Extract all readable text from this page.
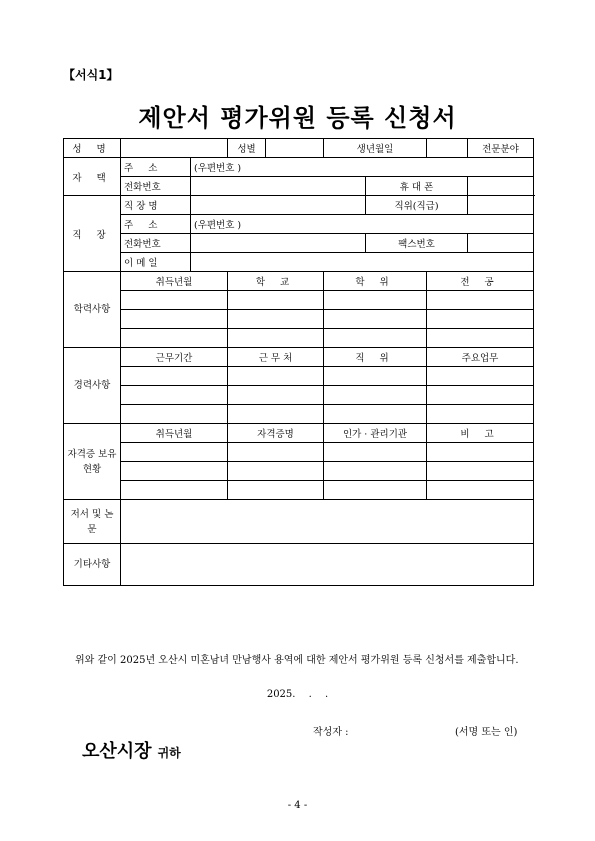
【서식1】
제안서 평가위원 등록 신청서
성 명			성별		생년월일			전문분야
자 택	주 소	(우편번호 )						
	전화번호					휴 대 폰		
직 장	직 장 명					직위(직급)		
	주 소	(우편번호 )						
	전화번호					팩스번호		
	이 메 일							
학력사항	취득년월		학 교		학 위		전 공	

경력사항	근무기간		근 무 처		직 위		주요업무	

자격증 보유현황	취득년월		자격증명		인가 · 관리기관		비 고	

저서 및 논문								
기타사항								
위와 같이 2025년 오산시 미혼남녀 만남행사 용역에 대한 제안서 평가위원 등록 신청서를 제출합니다.
2025. . .
작성자 :	(서명 또는 인)
오산시장 귀하
- 4 -
